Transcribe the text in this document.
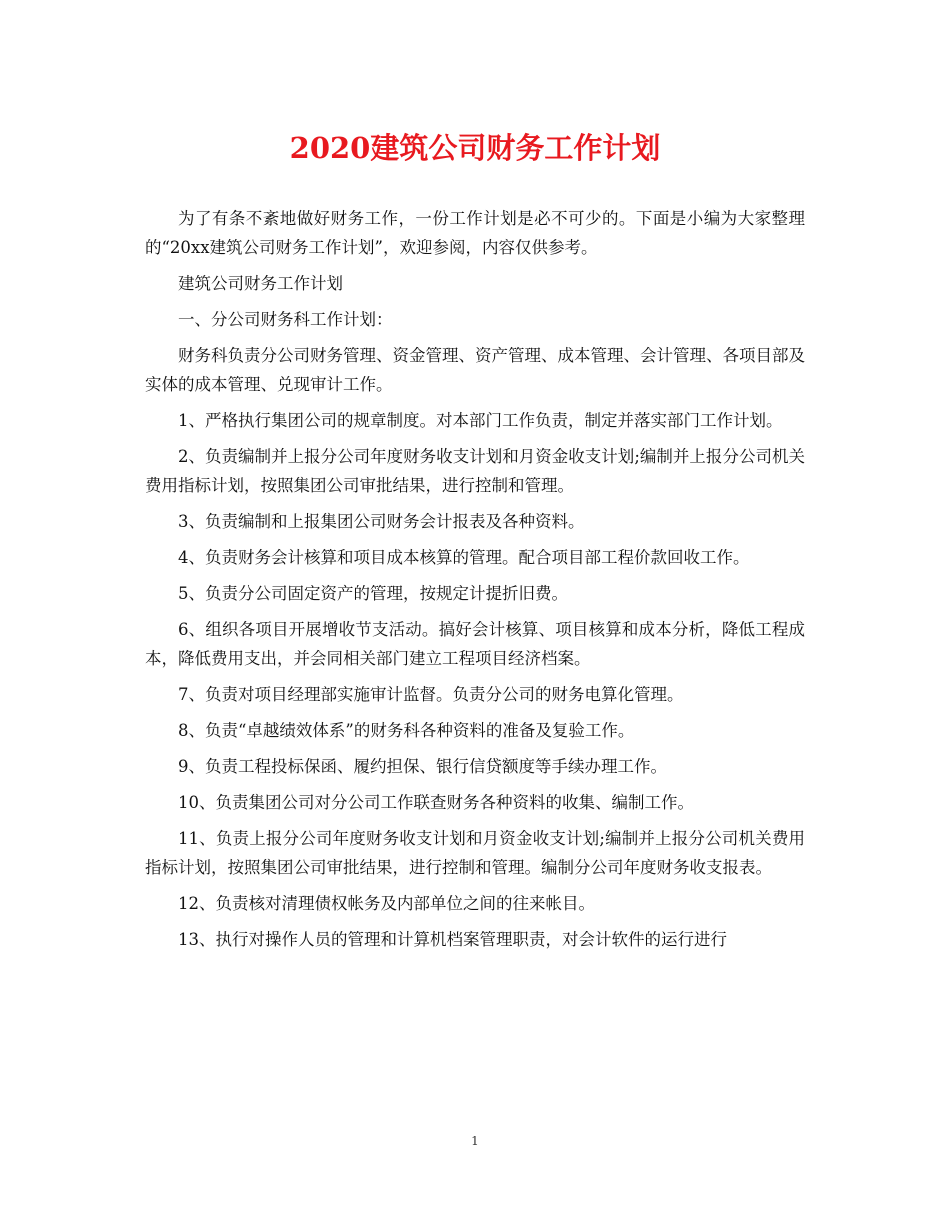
2020建筑公司财务工作计划

为了有条不紊地做好财务工作，一份工作计划是必不可少的。下面是小编为大家整理的“20xx建筑公司财务工作计划”，欢迎参阅，内容仅供参考。

建筑公司财务工作计划

一、分公司财务科工作计划：

财务科负责分公司财务管理、资金管理、资产管理、成本管理、会计管理、各项目部及实体的成本管理、兑现审计工作。

1、严格执行集团公司的规章制度。对本部门工作负责，制定并落实部门工作计划。

2、负责编制并上报分公司年度财务收支计划和月资金收支计划;编制并上报分公司机关费用指标计划，按照集团公司审批结果，进行控制和管理。

3、负责编制和上报集团公司财务会计报表及各种资料。

4、负责财务会计核算和项目成本核算的管理。配合项目部工程价款回收工作。

5、负责分公司固定资产的管理，按规定计提折旧费。

6、组织各项目开展增收节支活动。搞好会计核算、项目核算和成本分析，降低工程成本，降低费用支出，并会同相关部门建立工程项目经济档案。

7、负责对项目经理部实施审计监督。负责分公司的财务电算化管理。

8、负责“卓越绩效体系”的财务科各种资料的准备及复验工作。

9、负责工程投标保函、履约担保、银行信贷额度等手续办理工作。

10、负责集团公司对分公司工作联查财务各种资料的收集、编制工作。

11、负责上报分公司年度财务收支计划和月资金收支计划;编制并上报分公司机关费用指标计划，按照集团公司审批结果，进行控制和管理。编制分公司年度财务收支报表。

12、负责核对清理债权帐务及内部单位之间的往来帐目。

13、执行对操作人员的管理和计算机档案管理职责，对会计软件的运行进行

1
